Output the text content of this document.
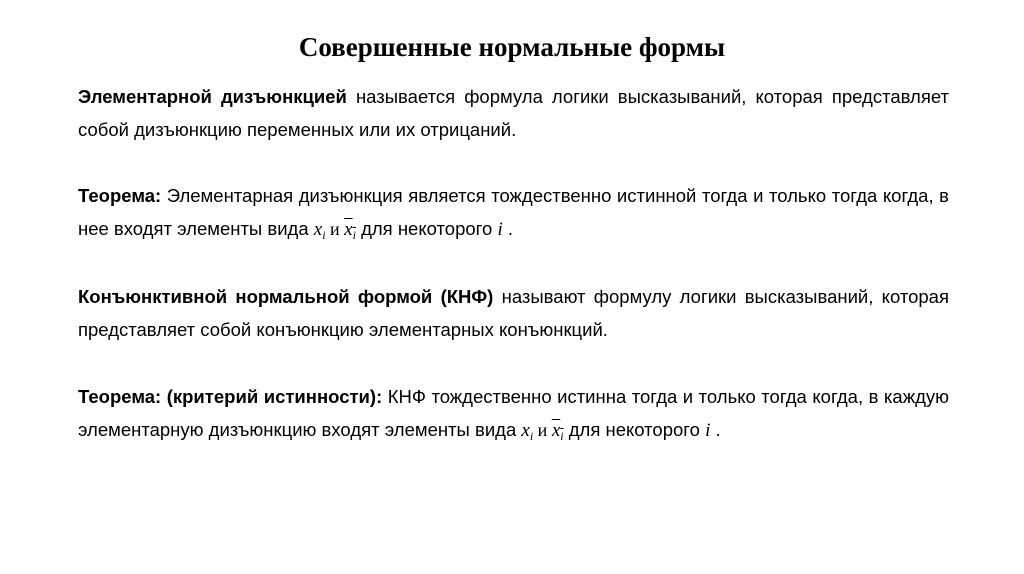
Совершенные нормальные формы

Элементарной дизъюнкцией называется формула логики высказываний, которая представляет собой дизъюнкцию переменных или их отрицаний.

Теорема: Элементарная дизъюнкция является тождественно истинной тогда и только тогда когда, в нее входят элементы вида $x_i$ и $x_i$ для некоторого i .

Конъюнктивной нормальной формой (КНФ) называют формулу логики высказываний, которая представляет собой конъюнкцию элементарных конъюнкций.

Теорема: (критерий истинности): КНФ тождественно истинна тогда и только тогда когда, в каждую элементарную дизъюнкцию входят элементы вида $x_i$ и $x_i$ для некоторого i .
